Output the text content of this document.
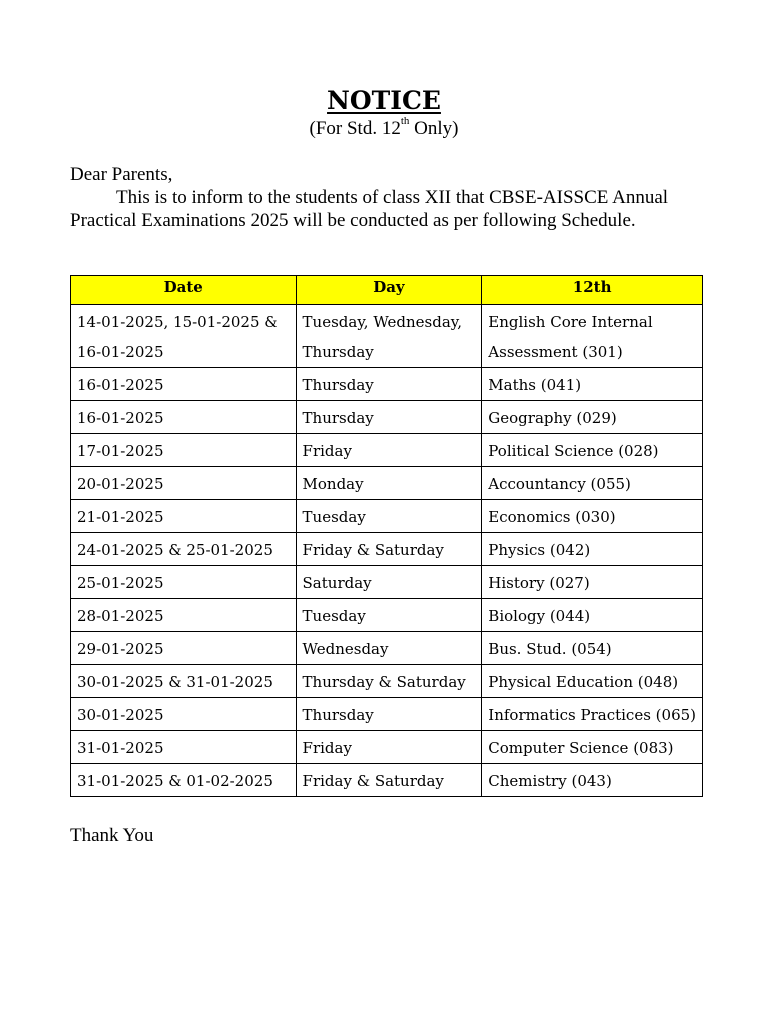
NOTICE
(For Std. 12th Only)
Dear Parents,
This is to inform to the students of class XII that CBSE-AISSCE Annual Practical Examinations 2025 will be conducted as per following Schedule.
Date	Day	12th
14-01-2025, 15-01-2025 & 16-01-2025	Tuesday, Wednesday, Thursday	English Core Internal Assessment (301)
16-01-2025	Thursday	Maths (041)
16-01-2025	Thursday	Geography (029)
17-01-2025	Friday	Political Science (028)
20-01-2025	Monday	Accountancy (055)
21-01-2025	Tuesday	Economics (030)
24-01-2025 & 25-01-2025	Friday & Saturday	Physics (042)
25-01-2025	Saturday	History (027)
28-01-2025	Tuesday	Biology (044)
29-01-2025	Wednesday	Bus. Stud. (054)
30-01-2025 & 31-01-2025	Thursday & Saturday	Physical Education (048)
30-01-2025	Thursday	Informatics Practices (065)
31-01-2025	Friday	Computer Science (083)
31-01-2025 & 01-02-2025	Friday & Saturday	Chemistry (043)
Thank You
